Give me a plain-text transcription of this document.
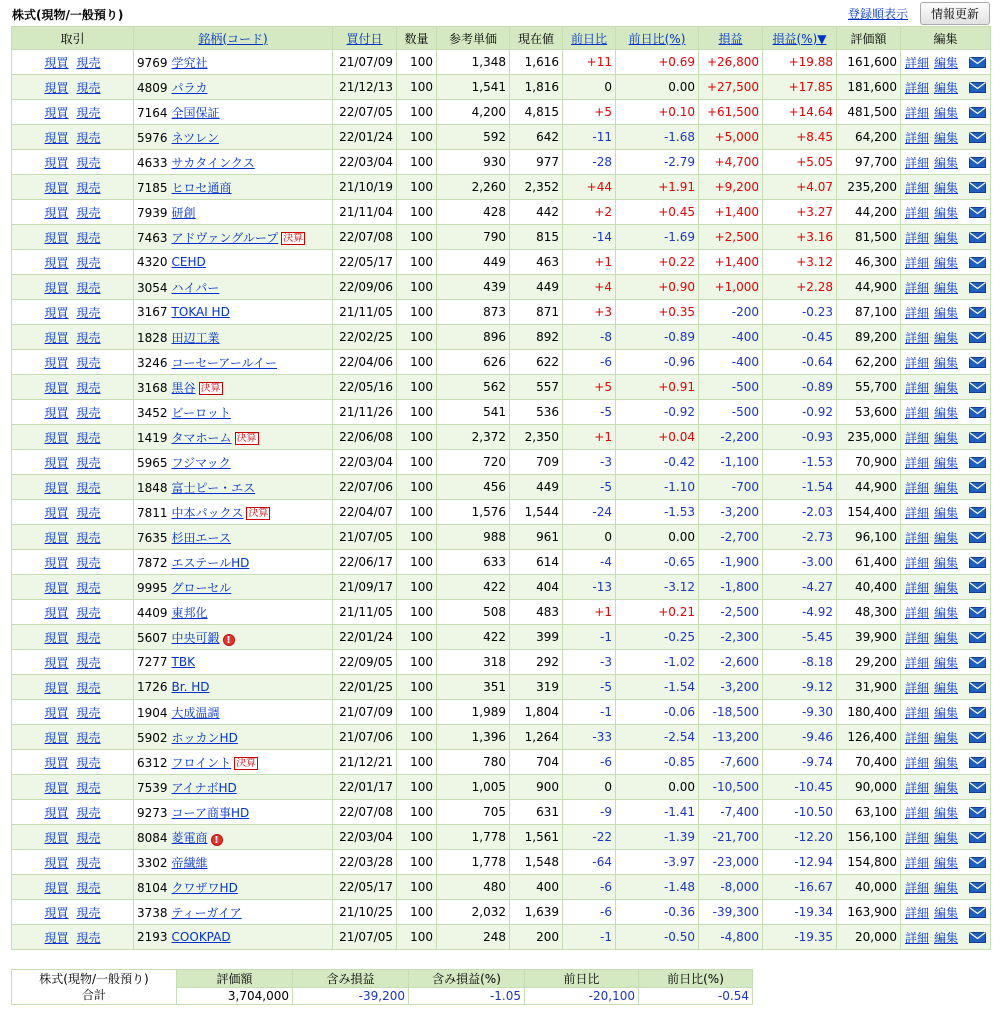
株式(現物/一般預り)	登録順表示	情報更新
取引	銘柄(コード)	買付日	数量	参考単価	現在値	前日比	前日比(%)	損益	損益(%)▼	評価額	編集
現買 現売	9769 学究社	21/07/09	100	1,348	1,616	+11	+0.69	+26,800	+19.88	161,600	詳細 編集
現買 現売	4809 パラカ	21/12/13	100	1,541	1,816	0	0.00	+27,500	+17.85	181,600	詳細 編集
現買 現売	7164 全国保証	22/07/05	100	4,200	4,815	+5	+0.10	+61,500	+14.64	481,500	詳細 編集
現買 現売	5976 ネツレン	22/01/24	100	592	642	-11	-1.68	+5,000	+8.45	64,200	詳細 編集
現買 現売	4633 サカタインクス	22/03/04	100	930	977	-28	-2.79	+4,700	+5.05	97,700	詳細 編集
現買 現売	7185 ヒロセ通商	21/10/19	100	2,260	2,352	+44	+1.91	+9,200	+4.07	235,200	詳細 編集
現買 現売	7939 研創	21/11/04	100	428	442	+2	+0.45	+1,400	+3.27	44,200	詳細 編集
現買 現売	7463 アドヴァングループ 決算	22/07/08	100	790	815	-14	-1.69	+2,500	+3.16	81,500	詳細 編集
現買 現売	4320 CEHD	22/05/17	100	449	463	+1	+0.22	+1,400	+3.12	46,300	詳細 編集
現買 現売	3054 ハイパー	22/09/06	100	439	449	+4	+0.90	+1,000	+2.28	44,900	詳細 編集
現買 現売	3167 TOKAI HD	21/11/05	100	873	871	+3	+0.35	-200	-0.23	87,100	詳細 編集
現買 現売	1828 田辺工業	22/02/25	100	896	892	-8	-0.89	-400	-0.45	89,200	詳細 編集
現買 現売	3246 コーセーアールイー	22/04/06	100	626	622	-6	-0.96	-400	-0.64	62,200	詳細 編集
現買 現売	3168 黒谷 決算	22/05/16	100	562	557	+5	+0.91	-500	-0.89	55,700	詳細 編集
現買 現売	3452 ビーロット	21/11/26	100	541	536	-5	-0.92	-500	-0.92	53,600	詳細 編集
現買 現売	1419 タマホーム 決算	22/06/08	100	2,372	2,350	+1	+0.04	-2,200	-0.93	235,000	詳細 編集
現買 現売	5965 フジマック	22/03/04	100	720	709	-3	-0.42	-1,100	-1.53	70,900	詳細 編集
現買 現売	1848 富士ピー・エス	22/07/06	100	456	449	-5	-1.10	-700	-1.54	44,900	詳細 編集
現買 現売	7811 中本パックス 決算	22/04/07	100	1,576	1,544	-24	-1.53	-3,200	-2.03	154,400	詳細 編集
現買 現売	7635 杉田エース	21/07/05	100	988	961	0	0.00	-2,700	-2.73	96,100	詳細 編集
現買 現売	7872 エステールHD	22/06/17	100	633	614	-4	-0.65	-1,900	-3.00	61,400	詳細 編集
現買 現売	9995 グローセル	21/09/17	100	422	404	-13	-3.12	-1,800	-4.27	40,400	詳細 編集
現買 現売	4409 東邦化	21/11/05	100	508	483	+1	+0.21	-2,500	-4.92	48,300	詳細 編集
現買 現売	5607 中央可鍛 !	22/01/24	100	422	399	-1	-0.25	-2,300	-5.45	39,900	詳細 編集
現買 現売	7277 TBK	22/09/05	100	318	292	-3	-1.02	-2,600	-8.18	29,200	詳細 編集
現買 現売	1726 Br. HD	22/01/25	100	351	319	-5	-1.54	-3,200	-9.12	31,900	詳細 編集
現買 現売	1904 大成温調	21/07/09	100	1,989	1,804	-1	-0.06	-18,500	-9.30	180,400	詳細 編集
現買 現売	5902 ホッカンHD	21/07/06	100	1,396	1,264	-33	-2.54	-13,200	-9.46	126,400	詳細 編集
現買 現売	6312 フロイント 決算	21/12/21	100	780	704	-6	-0.85	-7,600	-9.74	70,400	詳細 編集
現買 現売	7539 アイナボHD	22/01/17	100	1,005	900	0	0.00	-10,500	-10.45	90,000	詳細 編集
現買 現売	9273 コーア商事HD	22/07/08	100	705	631	-9	-1.41	-7,400	-10.50	63,100	詳細 編集
現買 現売	8084 菱電商 !	22/03/04	100	1,778	1,561	-22	-1.39	-21,700	-12.20	156,100	詳細 編集
現買 現売	3302 帝繊維	22/03/28	100	1,778	1,548	-64	-3.97	-23,000	-12.94	154,800	詳細 編集
現買 現売	8104 クワザワHD	22/05/17	100	480	400	-6	-1.48	-8,000	-16.67	40,000	詳細 編集
現買 現売	3738 ティーガイア	21/10/25	100	2,032	1,639	-6	-0.36	-39,300	-19.34	163,900	詳細 編集
現買 現売	2193 COOKPAD	21/07/05	100	248	200	-1	-0.50	-4,800	-19.35	20,000	詳細 編集
株式(現物/一般預り)
合計	評価額	含み損益	含み損益(%)	前日比	前日比(%)
	3,704,000	-39,200	-1.05	-20,100	-0.54
